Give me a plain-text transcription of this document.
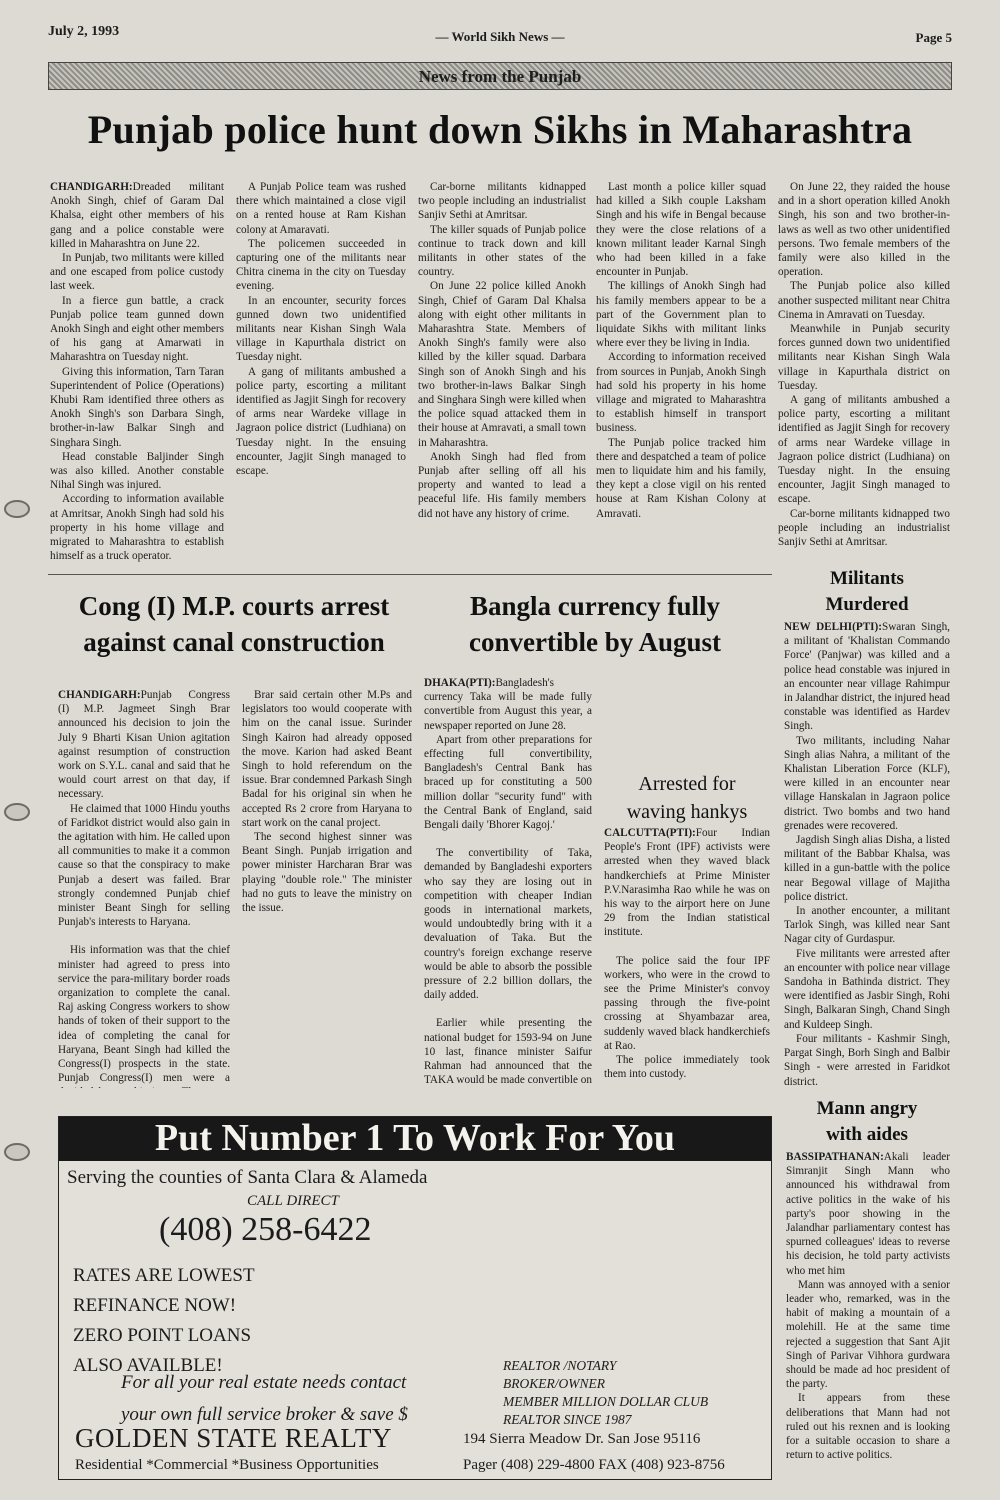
July 2, 1993	— World Sikh News —	Page 5
News from the Punjab
Punjab police hunt down Sikhs in Maharashtra

CHANDIGARH:Dreaded militant Anokh Singh, chief of Garam Dal Khalsa, eight other members of his gang and a police constable were killed in Maharashtra on June 22.

In Punjab, two militants were killed and one escaped from police custody last week.

In a fierce gun battle, a crack Punjab police team gunned down Anokh Singh and eight other members of his gang at Amarwati in Maharashtra on Tuesday night.

Giving this information, Tarn Taran Superintendent of Police (Operations) Khubi Ram identified three others as Anokh Singh's son Darbara Singh, brother-in-law Balkar Singh and Singhara Singh.

Head constable Baljinder Singh was also killed. Another constable Nihal Singh was injured.

According to information available at Amritsar, Anokh Singh had sold his property in his home village and migrated to Maharashtra to establish himself as a truck operator.

A Punjab Police team was rushed there which maintained a close vigil on a rented house at Ram Kishan colony at Amaravati.

The policemen succeeded in capturing one of the militants near Chitra cinema in the city on Tuesday evening.

In an encounter, security forces gunned down two unidentified militants near Kishan Singh Wala village in Kapurthala district on Tuesday night.

A gang of militants ambushed a police party, escorting a militant identified as Jagjit Singh for recovery of arms near Wardeke village in Jagraon police district (Ludhiana) on Tuesday night. In the ensuing encounter, Jagjit Singh managed to escape.

Car-borne militants kidnapped two people including an industrialist Sanjiv Sethi at Amritsar.

The killer squads of Punjab police continue to track down and kill militants in other states of the country.

On June 22 police killed Anokh Singh, Chief of Garam Dal Khalsa along with eight other militants in Maharashtra State. Members of Anokh Singh's family were also killed by the killer squad. Darbara Singh son of Anokh Singh and his two brother-in-laws Balkar Singh and Singhara Singh were killed when the police squad attacked them in their house at Amravati, a small town in Maharashtra.

Anokh Singh had fled from Punjab after selling off all his property and wanted to lead a peaceful life. His family members did not have any history of crime.

Last month a police killer squad had killed a Sikh couple Laksham Singh and his wife in Bengal because they were the close relations of a known militant leader Karnal Singh who had been killed in a fake encounter in Punjab.

The killings of Anokh Singh had his family members appear to be a part of the Government plan to liquidate Sikhs with militant links where ever they be living in India.

According to information received from sources in Punjab, Anokh Singh had sold his property in his home village and migrated to Maharashtra to establish himself in transport business.

The Punjab police tracked him there and despatched a team of police men to liquidate him and his family, they kept a close vigil on his rented house at Ram Kishan Colony at Amravati.

On June 22, they raided the house and in a short operation killed Anokh Singh, his son and two brother-in-laws as well as two other unidentified persons. Two female members of the family were also killed in the operation.

The Punjab police also killed another suspected militant near Chitra Cinema in Amravati on Tuesday.

Meanwhile in Punjab security forces gunned down two unidentified militants near Kishan Singh Wala village in Kapurthala district on Tuesday.

A gang of militants ambushed a police party, escorting a militant identified as Jagjit Singh for recovery of arms near Wardeke village in Jagraon police district (Ludhiana) on Tuesday night. In the ensuing encounter, Jagjit Singh managed to escape.

Car-borne militants kidnapped two people including an industrialist Sanjiv Sethi at Amritsar.

Cong (I) M.P. courts arrest
against canal construction

CHANDIGARH:Punjab Congress (I) M.P. Jagmeet Singh Brar announced his decision to join the July 9 Bharti Kisan Union agitation against resumption of construction work on S.Y.L. canal and said that he would court arrest on that day, if necessary.

He claimed that 1000 Hindu youths of Faridkot district would also gain in the agitation with him. He called upon all communities to make it a common cause so that the conspiracy to make Punjab a desert was failed. Brar strongly condemned Punjab chief minister Beant Singh for selling Punjab's interests to Haryana.

His information was that the chief minister had agreed to press into service the para-military border roads organization to complete the canal. Raj asking Congress workers to show hands of token of their support to the idea of completing the canal for Haryana, Beant Singh had killed the Congress(I) prospects in the state. Punjab Congress(I) men were a

Brar said certain other M.Ps and legislators too would cooperate with him on the canal issue. Surinder Singh Kairon had already opposed the move. Karion had asked Beant Singh to hold referendum on the issue. Brar condemned Parkash Singh Badal for his original sin when he accepted Rs 2 crore from Haryana to start work on the canal project.

The second highest sinner was Beant Singh. Punjab irrigation and power minister Harcharan Brar was playing "double role." The minister had no guts to leave the ministry on the issue.

Bangla currency fully
convertible by August

DHAKA(PTI):Bangladesh's currency Taka will be made fully convertible from August this year, a newspaper reported on June 28.

Apart from other preparations for effecting full convertibility, Bangladesh's Central Bank has braced up for constituting a 500 million dollar "security fund" with the Central Bank of England, said Bengali daily 'Bhorer Kagoj.'

The convertibility of Taka, demanded by Bangladeshi exporters who say they are losing out in competition with cheaper Indian goods in international markets, would undoubtedly bring with it a devaluation of Taka. But the country's foreign exchange reserve would be able to absorb the possible pressure of 2.2 billion dollars, the daily added.

Earlier while presenting the national budget for 1593-94 on June 10 last, finance minister Saifur Rahman had announced that the TAKA would be made convertible on

Arrested for
waving hankys

CALCUTTA(PTI):Four Indian People's Front (IPF) activists were arrested when they waved black handkerchiefs at Prime Minister P.V.Narasimha Rao while he was on his way to the airport here on June 29 from the Indian statistical institute.

The police said the four IPF workers, who were in the crowd to see the Prime Minister's convoy passing through the five-point crossing at Shyambazar area, suddenly waved black handkerchiefs at Rao.

The police immediately took them into custody.

Militants
Murdered

NEW DELHI(PTI):Swaran Singh, a militant of 'Khalistan Commando Force' (Panjwar) was killed and a police head constable was injured in an encounter near village Rahimpur in Jalandhar district, the injured head constable was identified as Hardev Singh.

Two militants, including Nahar Singh alias Nahra, a militant of the Khalistan Liberation Force (KLF), were killed in an encounter near village Hanskalan in Jagraon police district. Two bombs and two hand grenades were recovered.

Jagdish Singh alias Disha, a listed militant of the Babbar Khalsa, was killed in a gun-battle with the police near Begowal village of Majitha police district.

In another encounter, a militant Tarlok Singh, was killed near Sant Nagar city of Gurdaspur.

Five militants were arrested after an encounter with police near village Sandoha in Bathinda district. They were identified as Jasbir Singh, Rohi Singh, Balkaran Singh, Chand Singh and Kuldeep Singh.

Four militants - Kashmir Singh, Pargat Singh, Borh Singh and Balbir Singh - were arrested in Faridkot district.

Mann angry
with aides

BASSIPATHANAN:Akali leader Simranjit Singh Mann who announced his withdrawal from active politics in the wake of his party's poor showing in the Jalandhar parliamentary contest has spurned colleagues' ideas to reverse his decision, he told party activists who met him

Mann was annoyed with a senior leader who, remarked, was in the habit of making a mountain of a molehill. He at the same time rejected a suggestion that Sant Ajit Singh of Parivar Vihhora gurdwara should be made ad hoc president of the party.

It appears from these deliberations that Mann had not ruled out his rexnen and is looking for a suitable occasion to share a return to active politics.

Put Number 1 To Work For You
Serving the counties of Santa Clara & Alameda
CALL DIRECT
(408) 258-6422
RATES ARE LOWEST
REFINANCE NOW!
ZERO POINT LOANS
ALSO AVAILBLE!
For all your real estate needs contact
your own full service broker & save $
REALTOR /NOTARY
BROKER/OWNER
MEMBER MILLION DOLLAR CLUB
REALTOR SINCE 1987
GOLDEN STATE REALTY	194 Sierra Meadow Dr. San Jose 95116
Residential *Commercial *Business Opportunities	Pager (408) 229-4800 FAX (408) 923-8756
